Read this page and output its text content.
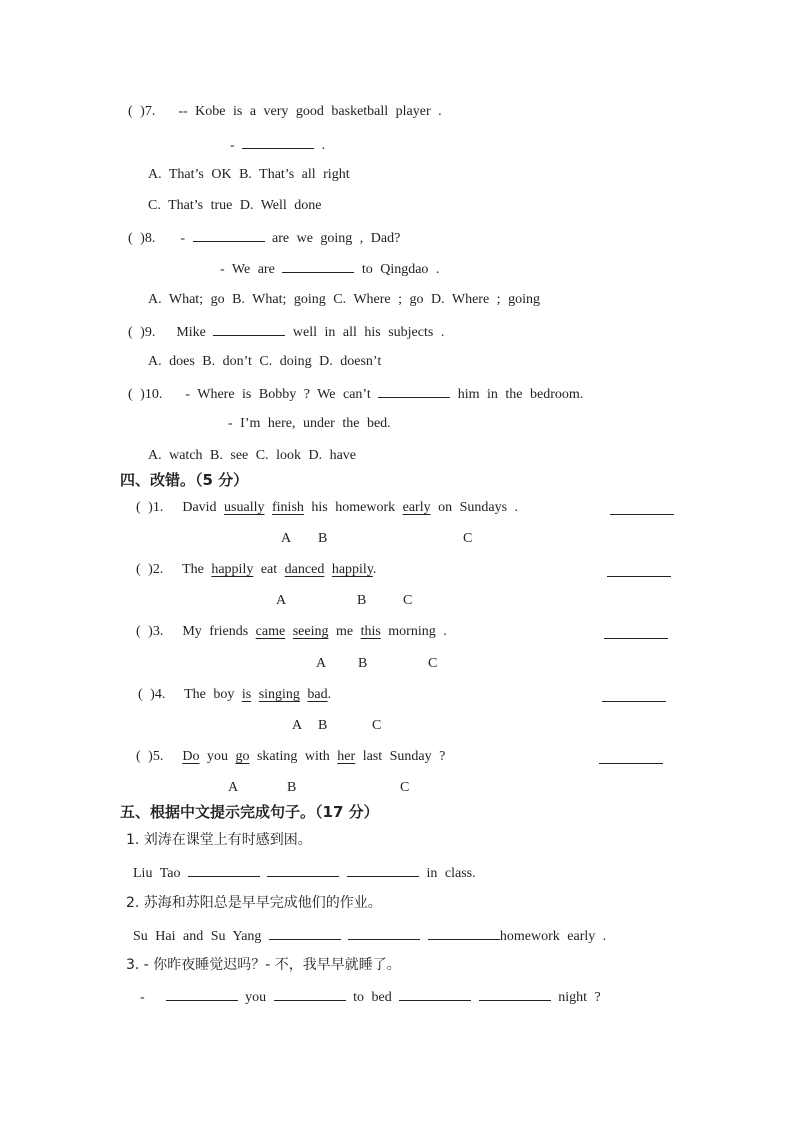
( )7. -- Kobe is a very good basketball player .
-	.
A. That’s OK B. That’s all right
C. That’s true D. Well done
( )8. -	are we going , Dad?
- We are	to Qingdao .
A. What; go B. What; going C. Where ; go D. Where ; going
( )9. Mike	well in all his subjects .
A. does B. don’t C. doing D. doesn’t
( )10. - Where is Bobby ? We can’t	him in the bedroom.
- I’m here, under the bed.
A. watch B. see C. look D. have
四、改错。（5 分）
( )1. David usually finish his homework early on Sundays .
A B	C
( )2. The happily eat danced happily.
A	B	C
( )3. My friends came seeing me this morning .
A B	C
( )4. The boy is singing bad.
A B	C
( )5. Do you go skating with her last Sunday ?
A	B	C
五、根据中文提示完成句子。（17 分）
1. 刘涛在课堂上有时感到困。
Liu Tao	in class.
2. 苏海和苏阳总是早早完成他们的作业。
Su Hai and Su Yang	homework early .
3. - 你昨夜睡觉迟吗？- 不，我早早就睡了。
-	you	to bed	night ?
